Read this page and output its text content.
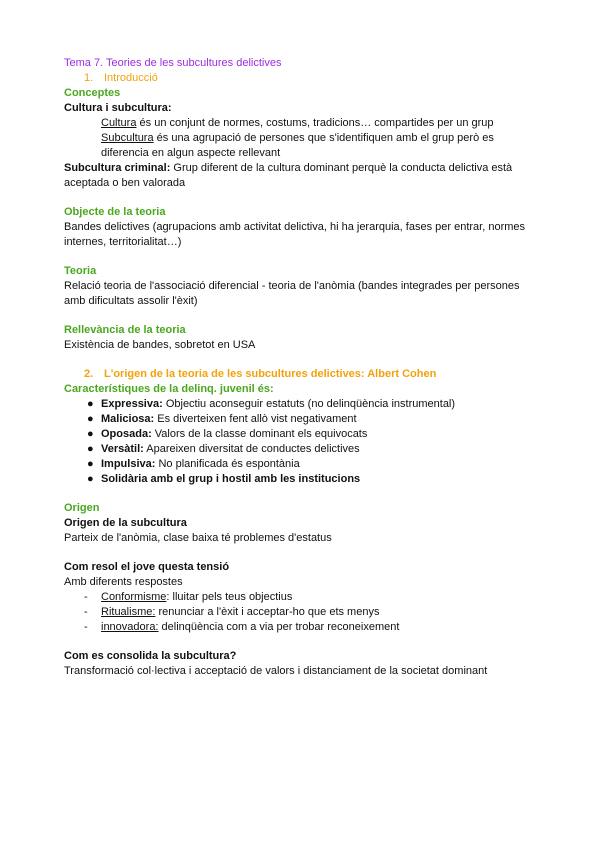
Tema 7. Teories de les subcultures delictives
1. Introducció
Conceptes
Cultura i subcultura:
Cultura és un conjunt de normes, costums, tradicions… compartides per un grup
Subcultura és una agrupació de persones que s'identifiquen amb el grup però es
diferencia en algun aspecte rellevant
Subcultura criminal: Grup diferent de la cultura dominant perquè la conducta delictiva està
aceptada o ben valorada
Objecte de la teoria
Bandes delictives (agrupacions amb activitat delictiva, hi ha jerarquia, fases per entrar, normes
internes, territorialitat…)
Teoria
Relació teoria de l'associació diferencial - teoria de l'anòmia (bandes integrades per persones
amb dificultats assolir l'èxit)
Rellevància de la teoria
Existència de bandes, sobretot en USA
2. L'origen de la teoria de les subcultures delictives: Albert Cohen
Característiques de la delinq. juvenil és:
● Expressiva: Objectiu aconseguir estatuts (no delinqüència instrumental)
● Maliciosa: Es diverteixen fent allò vist negativament
● Oposada: Valors de la classe dominant els equivocats
● Versàtil: Apareixen diversitat de conductes delictives
● Impulsiva: No planificada és espontània
● Solidària amb el grup i hostil amb les institucions
Origen
Origen de la subcultura
Parteix de l'anòmia, clase baixa té problemes d'estatus
Com resol el jove questa tensió
Amb diferents respostes
- Conformisme: lluitar pels teus objectius
- Ritualisme: renunciar a l'èxit i acceptar-ho que ets menys
- innovadora: delinqüència com a via per trobar reconeixement
Com es consolida la subcultura?
Transformació col·lectiva i acceptació de valors i distanciament de la societat dominant
